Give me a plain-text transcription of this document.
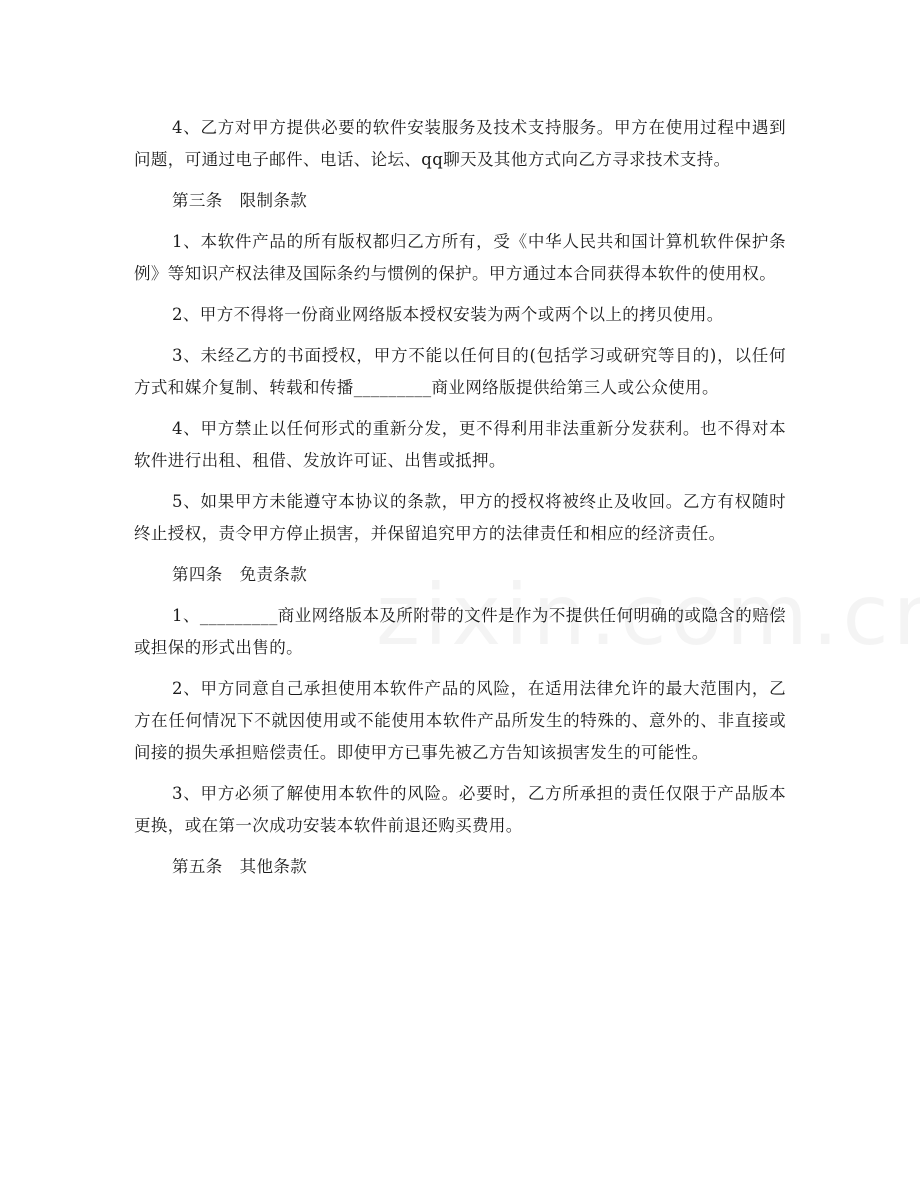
4、乙方对甲方提供必要的软件安装服务及技术支持服务。甲方在使用过程中遇到问题，可通过电子邮件、电话、论坛、qq聊天及其他方式向乙方寻求技术支持。

第三条　限制条款

1、本软件产品的所有版权都归乙方所有，受《中华人民共和国计算机软件保护条例》等知识产权法律及国际条约与惯例的保护。甲方通过本合同获得本软件的使用权。

2、甲方不得将一份商业网络版本授权安装为两个或两个以上的拷贝使用。

3、未经乙方的书面授权，甲方不能以任何目的(包括学习或研究等目的)，以任何方式和媒介复制、转载和传播_________商业网络版提供给第三人或公众使用。

4、甲方禁止以任何形式的重新分发，更不得利用非法重新分发获利。也不得对本软件进行出租、租借、发放许可证、出售或抵押。

5、如果甲方未能遵守本协议的条款，甲方的授权将被终止及收回。乙方有权随时终止授权，责令甲方停止损害，并保留追究甲方的法律责任和相应的经济责任。

第四条　免责条款

1、_________商业网络版本及所附带的文件是作为不提供任何明确的或隐含的赔偿或担保的形式出售的。

2、甲方同意自己承担使用本软件产品的风险，在适用法律允许的最大范围内，乙方在任何情况下不就因使用或不能使用本软件产品所发生的特殊的、意外的、非直接或间接的损失承担赔偿责任。即使甲方已事先被乙方告知该损害发生的可能性。

3、甲方必须了解使用本软件的风险。必要时，乙方所承担的责任仅限于产品版本更换，或在第一次成功安装本软件前退还购买费用。

第五条　其他条款
